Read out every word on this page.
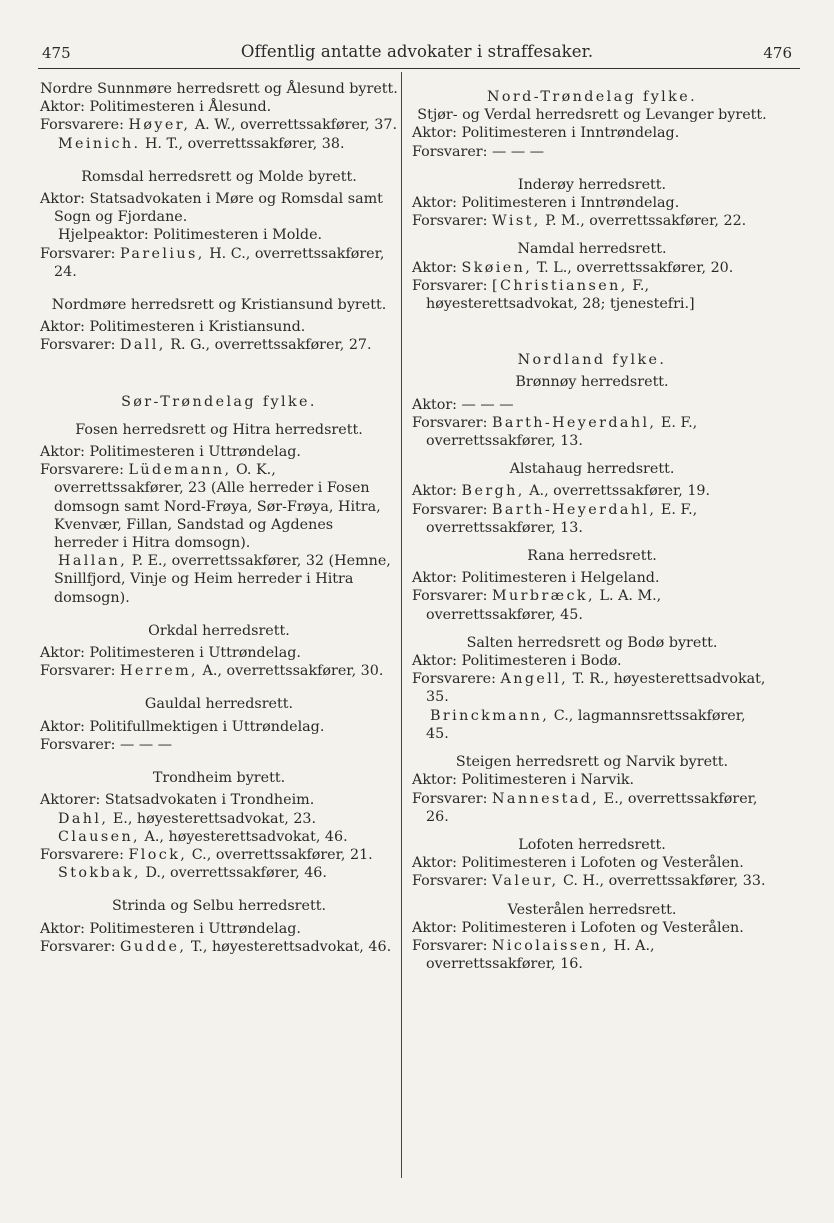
475	Offentlig antatte advokater i straffesaker.	476

Nordre Sunnmøre herredsrett og Ålesund byrett.

Aktor: Politimesteren i Ålesund.

Forsvarere: Høyer, A. W., overrettssakfører, 37.

Meinich. H. T., overrettssakfører, 38.

Romsdal herredsrett og Molde byrett.

Aktor: Statsadvokaten i Møre og Romsdal samt Sogn og Fjordane.

Hjelpeaktor: Politimesteren i Molde.

Forsvarer: Parelius, H. C., overrettssakfører, 24.

Nordmøre herredsrett og Kristiansund byrett.

Aktor: Politimesteren i Kristiansund.

Forsvarer: Dall, R. G., overrettssakfører, 27.

Sør-Trøndelag fylke.

Fosen herredsrett og Hitra herredsrett.

Aktor: Politimesteren i Uttrøndelag.

Forsvarere: Lüdemann, O. K., overrettssakfører, 23 (Alle herreder i Fosen domsogn samt Nord-Frøya, Sør-Frøya, Hitra, Kvenvær, Fillan, Sandstad og Agdenes herreder i Hitra domsogn).

Hallan, P. E., overrettssakfører, 32 (Hemne, Snillfjord, Vinje og Heim herreder i Hitra domsogn).

Orkdal herredsrett.

Aktor: Politimesteren i Uttrøndelag.

Forsvarer: Herrem, A., overrettssakfører, 30.

Gauldal herredsrett.

Aktor: Politifullmektigen i Uttrøndelag.

Forsvarer: — — —

Trondheim byrett.

Aktorer: Statsadvokaten i Trondheim.

Dahl, E., høyesterettsadvokat, 23.

Clausen, A., høyesterettsadvokat, 46.

Forsvarere: Flock, C., overrettssakfører, 21.

Stokbak, D., overrettssakfører, 46.

Strinda og Selbu herredsrett.

Aktor: Politimesteren i Uttrøndelag.

Forsvarer: Gudde, T., høyesterettsadvokat, 46.

Nord-Trøndelag fylke.

Stjør- og Verdal herredsrett og Levanger byrett.

Aktor: Politimesteren i Inntrøndelag.

Forsvarer: — — —

Inderøy herredsrett.

Aktor: Politimesteren i Inntrøndelag.

Forsvarer: Wist, P. M., overrettssakfører, 22.

Namdal herredsrett.

Aktor: Skøien, T. L., overrettssakfører, 20.

Forsvarer: [Christiansen, F., høyesterettsadvokat, 28; tjenestefri.]

Nordland fylke.

Brønnøy herredsrett.

Aktor: — — —

Forsvarer: Barth-Heyerdahl, E. F., overrettssakfører, 13.

Alstahaug herredsrett.

Aktor: Bergh, A., overrettssakfører, 19.

Forsvarer: Barth-Heyerdahl, E. F., overrettssakfører, 13.

Rana herredsrett.

Aktor: Politimesteren i Helgeland.

Forsvarer: Murbræck, L. A. M., overrettssakfører, 45.

Salten herredsrett og Bodø byrett.

Aktor: Politimesteren i Bodø.

Forsvarere: Angell, T. R., høyesterettsadvokat, 35.

Brinckmann, C., lagmannsrettssakfører, 45.

Steigen herredsrett og Narvik byrett.

Aktor: Politimesteren i Narvik.

Forsvarer: Nannestad, E., overrettssakfører, 26.

Lofoten herredsrett.

Aktor: Politimesteren i Lofoten og Vesterålen.

Forsvarer: Valeur, C. H., overrettssakfører, 33.

Vesterålen herredsrett.

Aktor: Politimesteren i Lofoten og Vesterålen.

Forsvarer: Nicolaissen, H. A., overrettssakfører, 16.
